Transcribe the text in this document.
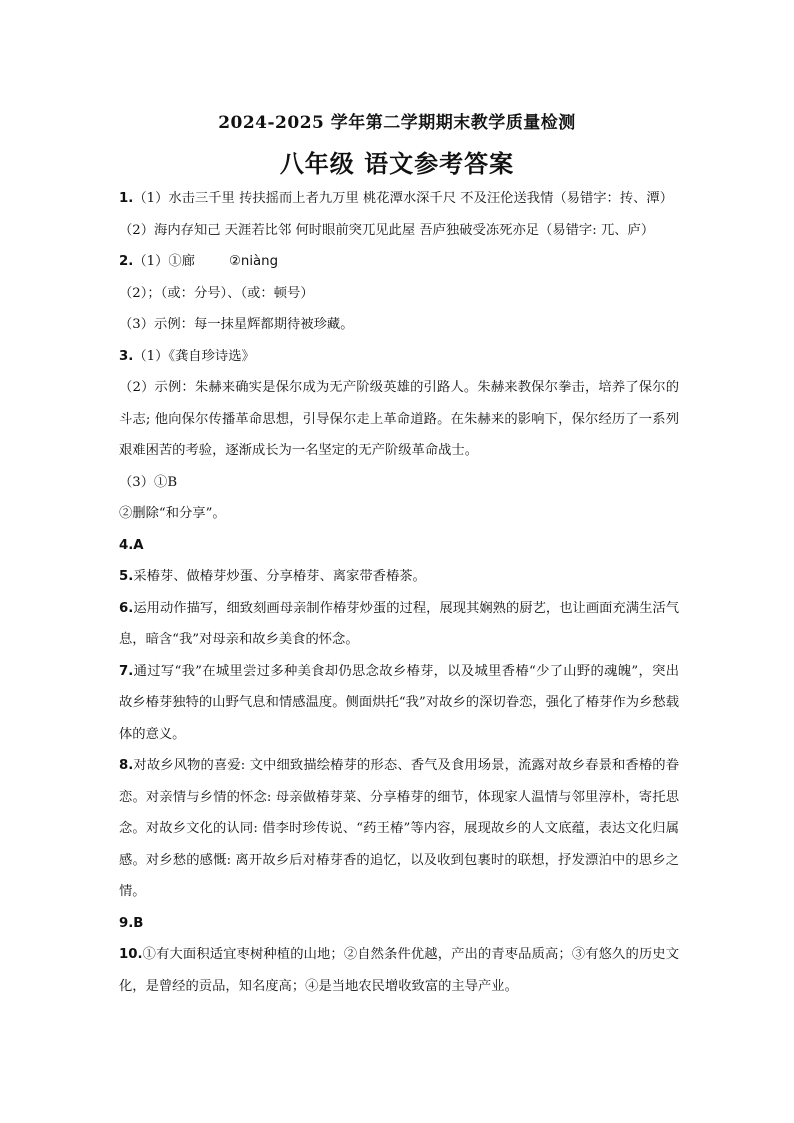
2024-2025 学年第二学期期末教学质量检测
八年级 语文参考答案

1.（1）水击三千里 抟扶摇而上者九万里 桃花潭水深千尺 不及汪伦送我情（易错字：抟、潭）

（2）海内存知己 天涯若比邻 何时眼前突兀见此屋 吾庐独破受冻死亦足（易错字: 兀、庐）

2.（1）①廊	②niàng

（2）；（或：分号）、（或：顿号）

（3）示例：每一抹星辉都期待被珍藏。

3.（1）《龚自珍诗选》

（2）示例：朱赫来确实是保尔成为无产阶级英雄的引路人。朱赫来教保尔拳击，培养了保尔的斗志; 他向保尔传播革命思想，引导保尔走上革命道路。在朱赫来的影响下，保尔经历了一系列艰难困苦的考验，逐渐成长为一名坚定的无产阶级革命战士。

（3）①B

②删除“和分享”。

4.A

5.采椿芽、做椿芽炒蛋、分享椿芽、离家带香椿茶。

6.运用动作描写，细致刻画母亲制作椿芽炒蛋的过程，展现其娴熟的厨艺，也让画面充满生活气息，暗含“我”对母亲和故乡美食的怀念。

7.通过写“我”在城里尝过多种美食却仍思念故乡椿芽，以及城里香椿“少了山野的魂魄”，突出故乡椿芽独特的山野气息和情感温度。侧面烘托“我”对故乡的深切眷恋，强化了椿芽作为乡愁载体的意义。

8.对故乡风物的喜爱: 文中细致描绘椿芽的形态、香气及食用场景，流露对故乡春景和香椿的眷恋。对亲情与乡情的怀念: 母亲做椿芽菜、分享椿芽的细节，体现家人温情与邻里淳朴，寄托思念。对故乡文化的认同: 借李时珍传说、“药王椿”等内容，展现故乡的人文底蕴，表达文化归属感。对乡愁的感慨: 离开故乡后对椿芽香的追忆，以及收到包裹时的联想，抒发漂泊中的思乡之情。

9.B

10.①有大面积适宜枣树种植的山地；②自然条件优越，产出的青枣品质高；③有悠久的历史文化，是曾经的贡品，知名度高；④是当地农民增收致富的主导产业。
